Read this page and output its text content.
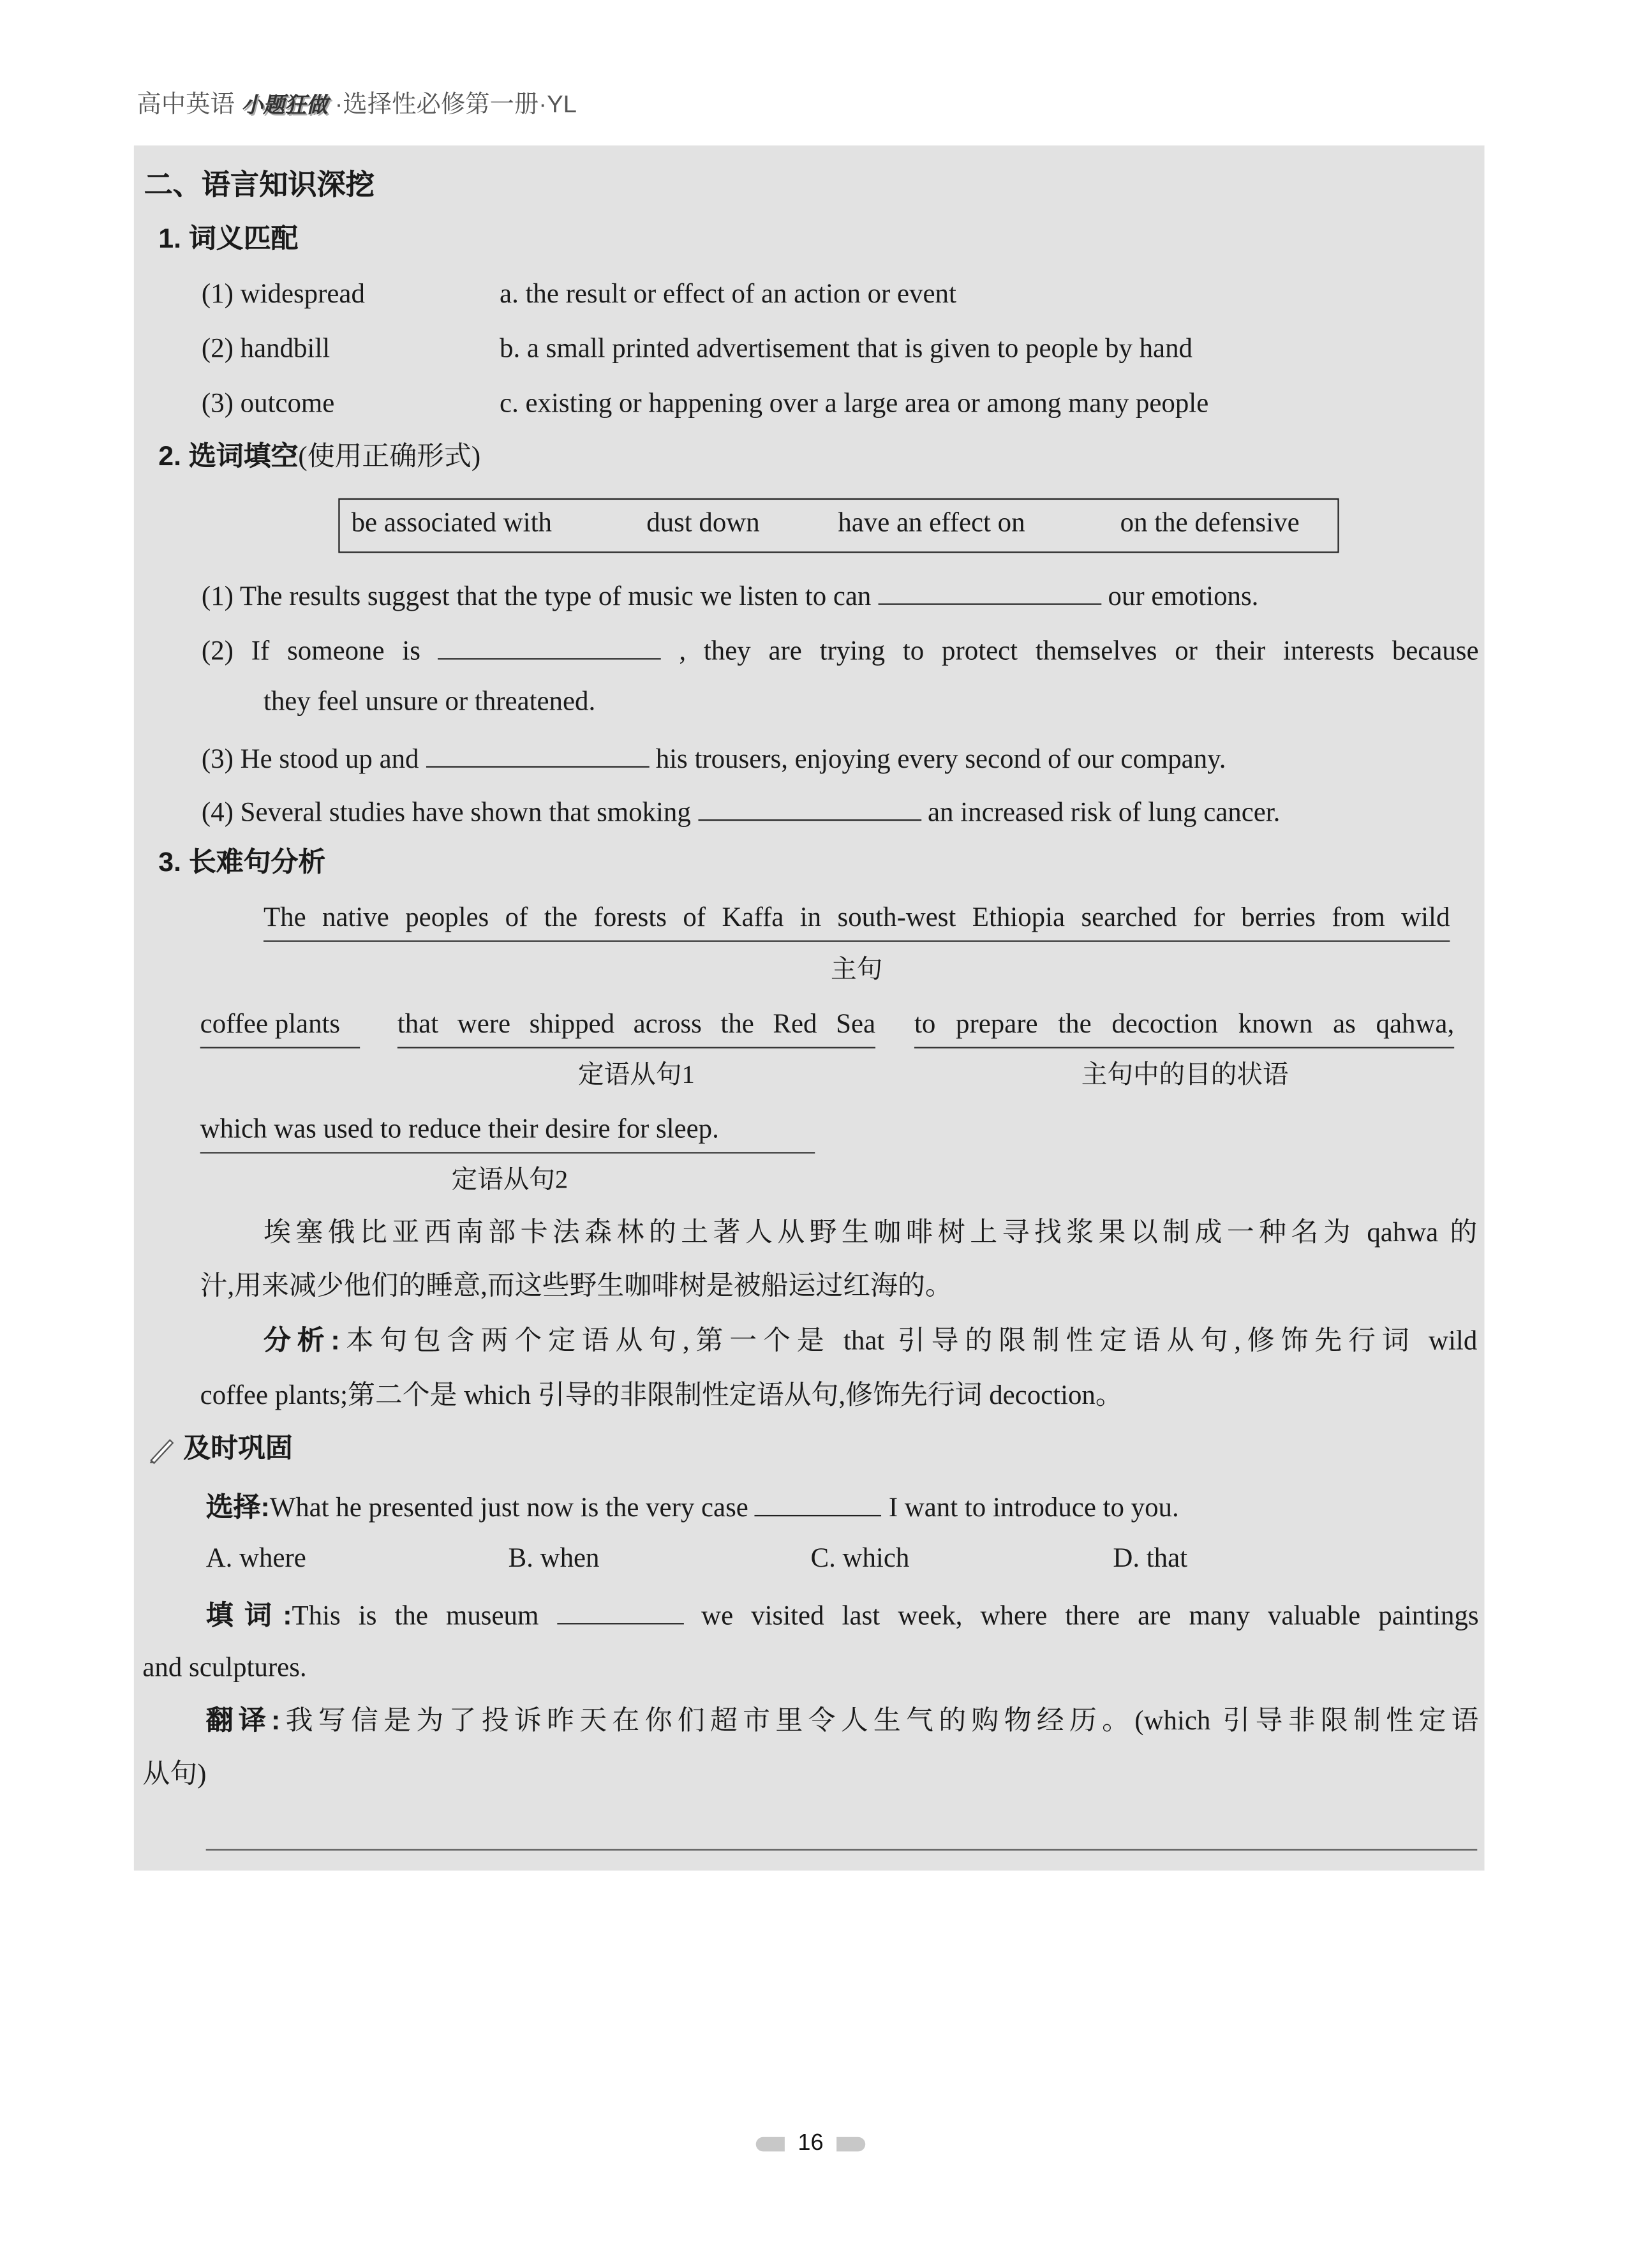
高中英语 小题狂做 ·选择性必修第一册·YL
二、语言知识深挖
1. 词义匹配
(1) widespread	a. the result or effect of an action or event
(2) handbill	b. a small printed advertisement that is given to people by hand
(3) outcome	c. existing or happening over a large area or among many people
2. 选词填空(使用正确形式)
be associated with	dust down	have an effect on	on the defensive
(1) The results suggest that the type of music we listen to can	our emotions.
(2) If someone is	, they are trying to protect themselves or their interests because
they feel unsure or threatened.
(3) He stood up and	his trousers, enjoying every second of our company.
(4) Several studies have shown that smoking	an increased risk of lung cancer.
3. 长难句分析
The native peoples of the forests of Kaffa in south-west Ethiopia searched for berries from wild
主句
coffee plants	that were shipped across the Red Sea	to prepare the decoction known as qahwa,
定语从句1	主句中的目的状语
which was used to reduce their desire for sleep.
定语从句2
埃塞俄比亚西南部卡法森林的土著人从野生咖啡树上寻找浆果以制成一种名为 qahwa 的
汁,用来减少他们的睡意,而这些野生咖啡树是被船运过红海的。
分析:本句包含两个定语从句,第一个是 that 引导的限制性定语从句,修饰先行词 wild
coffee plants;第二个是 which 引导的非限制性定语从句,修饰先行词 decoction。
及时巩固
选择:What he presented just now is the very case	I want to introduce to you.
A. where	B. when	C. which	D. that
填词:This is the museum	we visited last week, where there are many valuable paintings
and sculptures.
翻译:我写信是为了投诉昨天在你们超市里令人生气的购物经历。(which 引导非限制性定语
从句)
16
